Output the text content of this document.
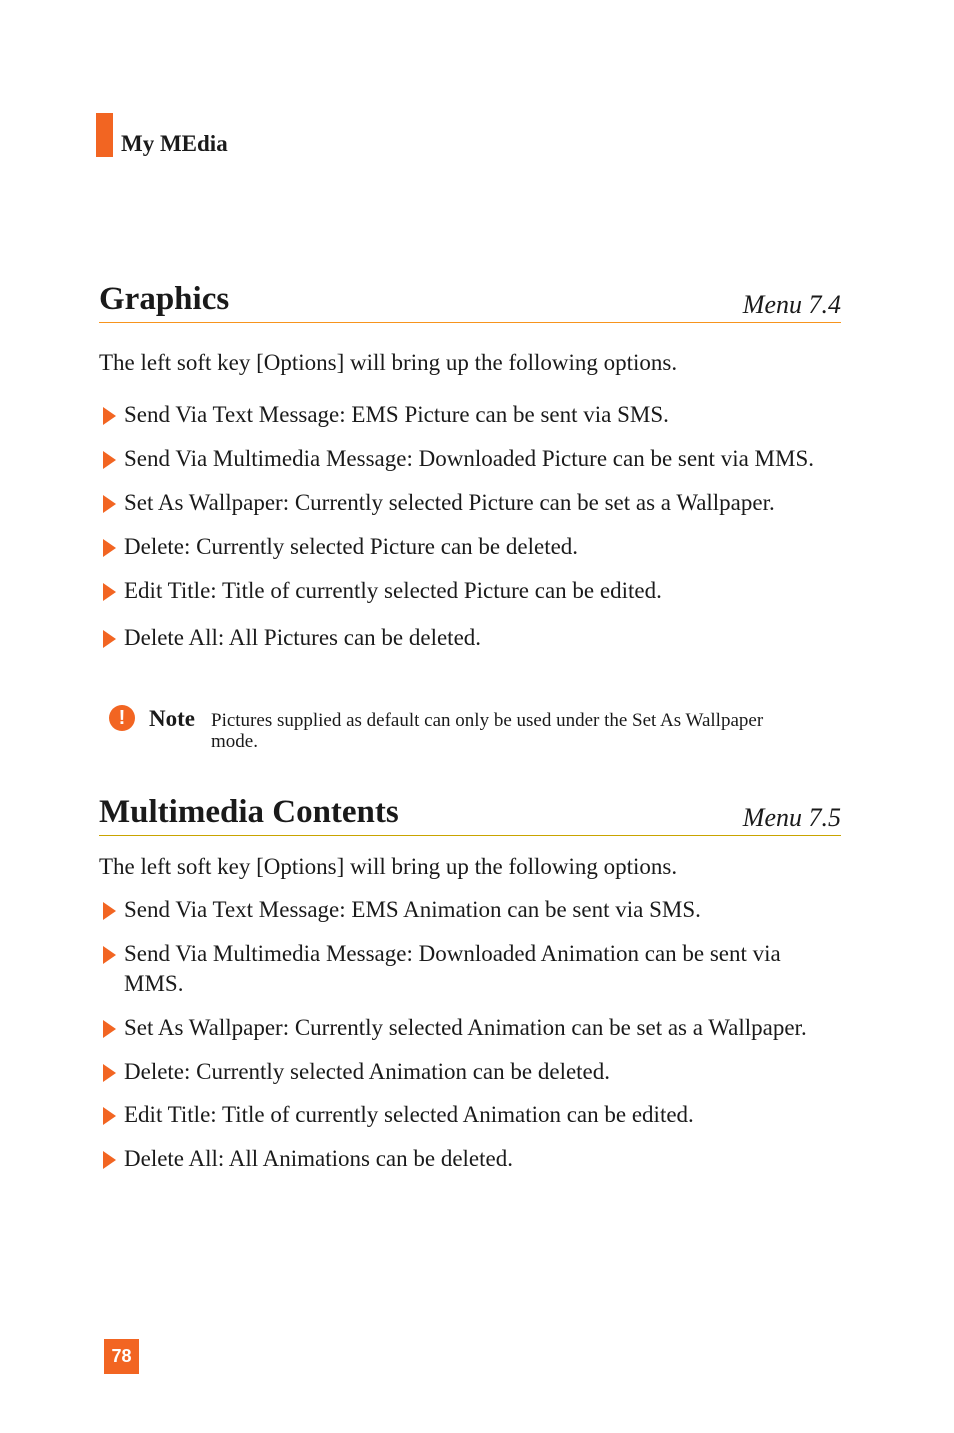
My MEdia
Graphics	Menu 7.4
The left soft key [Options] will bring up the following options.
Send Via Text Message: EMS Picture can be sent via SMS.
Send Via Multimedia Message: Downloaded Picture can be sent via MMS.
Set As Wallpaper: Currently selected Picture can be set as a Wallpaper.
Delete: Currently selected Picture can be deleted.
Edit Title: Title of currently selected Picture can be edited.
Delete All: All Pictures can be deleted.
!	Note Pictures supplied as default can only be used under the Set As Wallpaper mode.
Multimedia Contents	Menu 7.5
The left soft key [Options] will bring up the following options.
Send Via Text Message: EMS Animation can be sent via SMS.
Send Via Multimedia Message: Downloaded Animation can be sent via MMS.
Set As Wallpaper: Currently selected Animation can be set as a Wallpaper.
Delete: Currently selected Animation can be deleted.
Edit Title: Title of currently selected Animation can be edited.
Delete All: All Animations can be deleted.
78
